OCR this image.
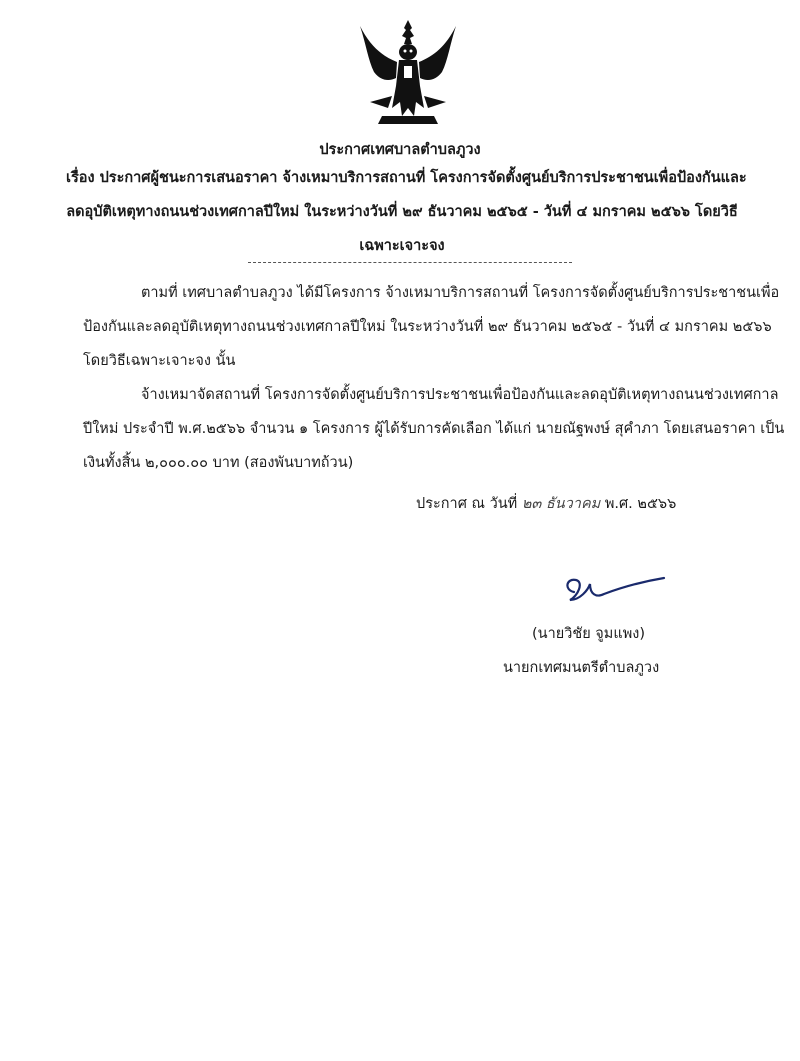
ประกาศเทศบาลตำบลภูวง
เรื่อง ประกาศผู้ชนะการเสนอราคา จ้างเหมาบริการสถานที่ โครงการจัดตั้งศูนย์บริการประชาชนเพื่อป้องกันและ
ลดอุบัติเหตุทางถนนช่วงเทศกาลปีใหม่ ในระหว่างวันที่ ๒๙ ธันวาคม ๒๕๖๕ - วันที่ ๔ มกราคม ๒๕๖๖ โดยวิธี
เฉพาะเจาะจง
ตามที่ เทศบาลตำบลภูวง ได้มีโครงการ จ้างเหมาบริการสถานที่ โครงการจัดตั้งศูนย์บริการประชาชนเพื่อ
ป้องกันและลดอุบัติเหตุทางถนนช่วงเทศกาลปีใหม่ ในระหว่างวันที่ ๒๙ ธันวาคม ๒๕๖๕ - วันที่ ๔ มกราคม ๒๕๖๖
โดยวิธีเฉพาะเจาะจง นั้น
จ้างเหมาจัดสถานที่ โครงการจัดตั้งศูนย์บริการประชาชนเพื่อป้องกันและลดอุบัติเหตุทางถนนช่วงเทศกาล
ปีใหม่ ประจำปี พ.ศ.๒๕๖๖ จำนวน ๑ โครงการ ผู้ได้รับการคัดเลือก ได้แก่ นายณัฐพงษ์ สุคำภา โดยเสนอราคา เป็น
เงินทั้งสิ้น ๒,๐๐๐.๐๐ บาท (สองพันบาทถ้วน)
ประกาศ ณ วันที่ ๒๓ ธันวาคม พ.ศ. ๒๕๖๖
(นายวิชัย จูมแพง)
นายกเทศมนตรีตำบลภูวง
